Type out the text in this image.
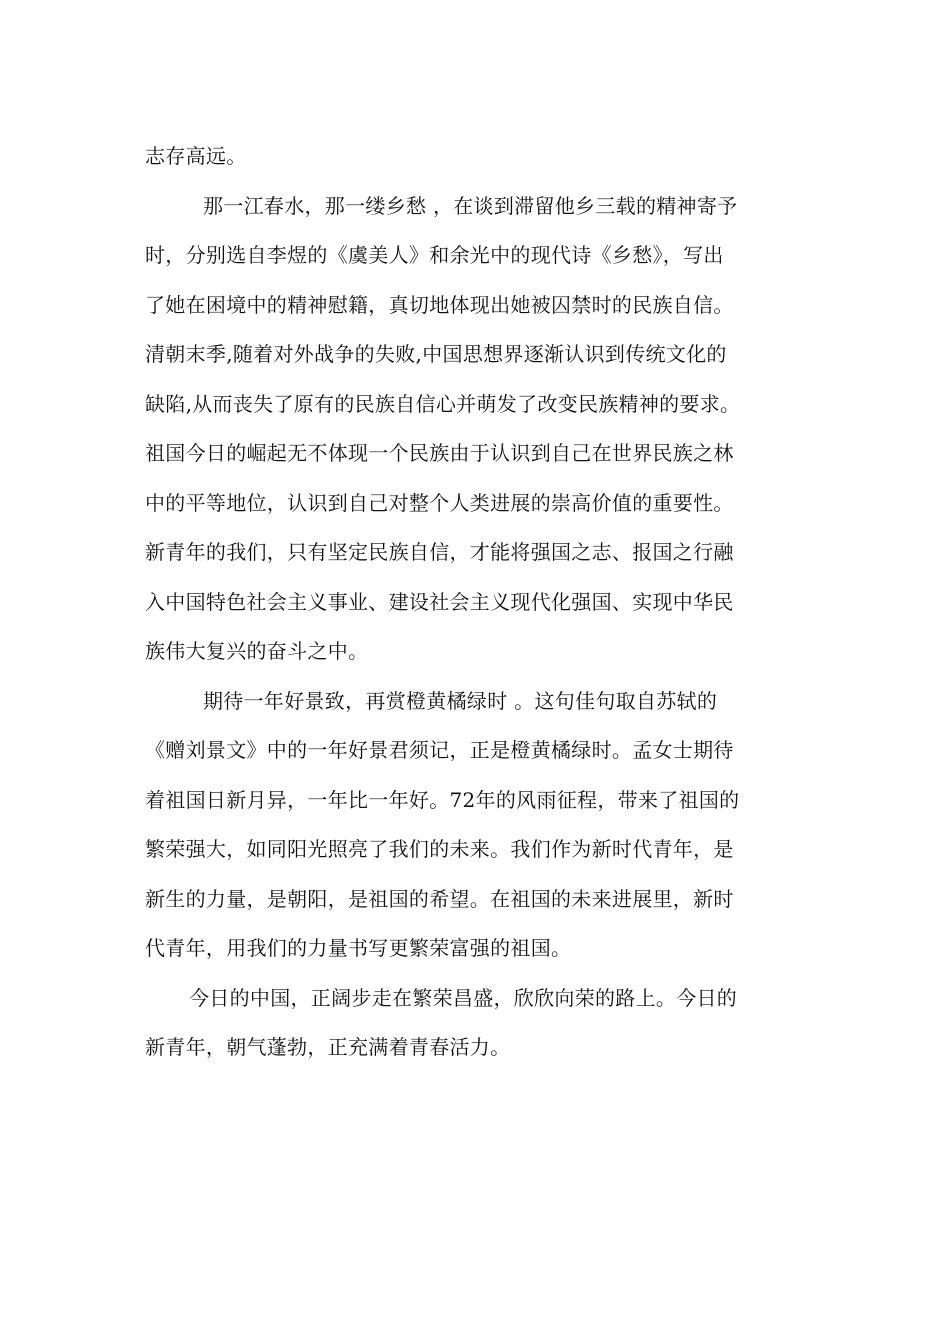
志存高远。
那一江春水，那一缕乡愁 ，在谈到滞留他乡三载的精神寄予
时，分别选自李煜的《虞美人》和余光中的现代诗《乡愁》，写出
了她在困境中的精神慰籍，真切地体现出她被囚禁时的民族自信。
清朝末季,随着对外战争的失败,中国思想界逐渐认识到传统文化的
缺陷,从而丧失了原有的民族自信心并萌发了改变民族精神的要求。
祖国今日的崛起无不体现一个民族由于认识到自己在世界民族之林
中的平等地位，认识到自己对整个人类进展的崇高价值的重要性。
新青年的我们，只有坚定民族自信，才能将强国之志、报国之行融
入中国特色社会主义事业、建设社会主义现代化强国、实现中华民
族伟大复兴的奋斗之中。
期待一年好景致，再赏橙黄橘绿时 。这句佳句取自苏轼的
《赠刘景文》中的一年好景君须记，正是橙黄橘绿时。孟女士期待
着祖国日新月异，一年比一年好。72年的风雨征程，带来了祖国的
繁荣强大，如同阳光照亮了我们的未来。我们作为新时代青年，是
新生的力量，是朝阳，是祖国的希望。在祖国的未来进展里，新时
代青年，用我们的力量书写更繁荣富强的祖国。
今日的中国，正阔步走在繁荣昌盛，欣欣向荣的路上。今日的
新青年，朝气蓬勃，正充满着青春活力。
